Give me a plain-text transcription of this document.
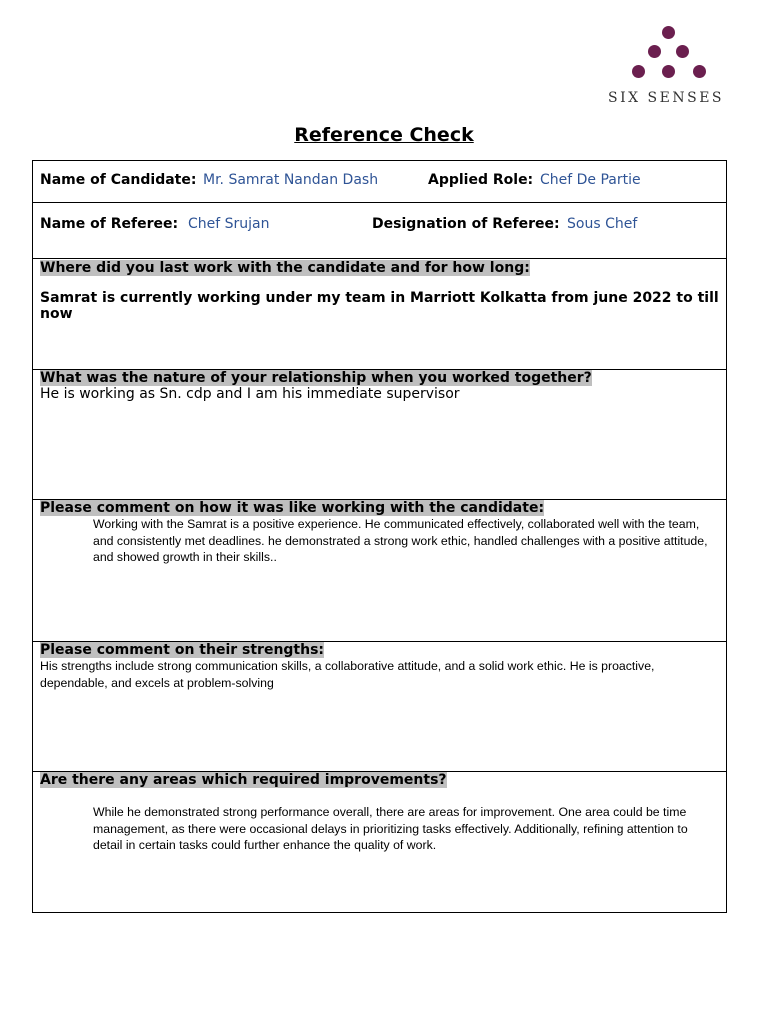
SIX SENSES
Reference Check
Name of Candidate: Mr. Samrat Nandan Dash	Applied Role: Chef De Partie
Name of Referee: Chef Srujan	Designation of Referee: Sous Chef
Where did you last work with the candidate and for how long:
Samrat is currently working under my team in Marriott Kolkatta from june 2022 to till now
What was the nature of your relationship when you worked together?
He is working as Sn. cdp and I am his immediate supervisor
Please comment on how it was like working with the candidate:
Working with the Samrat is a positive experience. He communicated effectively, collaborated well with the team, and consistently met deadlines. he demonstrated a strong work ethic, handled challenges with a positive attitude, and showed growth in their skills..
Please comment on their strengths:
His strengths include strong communication skills, a collaborative attitude, and a solid work ethic. He is proactive, dependable, and excels at problem-solving
Are there any areas which required improvements?
While he demonstrated strong performance overall, there are areas for improvement. One area could be time management, as there were occasional delays in prioritizing tasks effectively. Additionally, refining attention to detail in certain tasks could further enhance the quality of work.
